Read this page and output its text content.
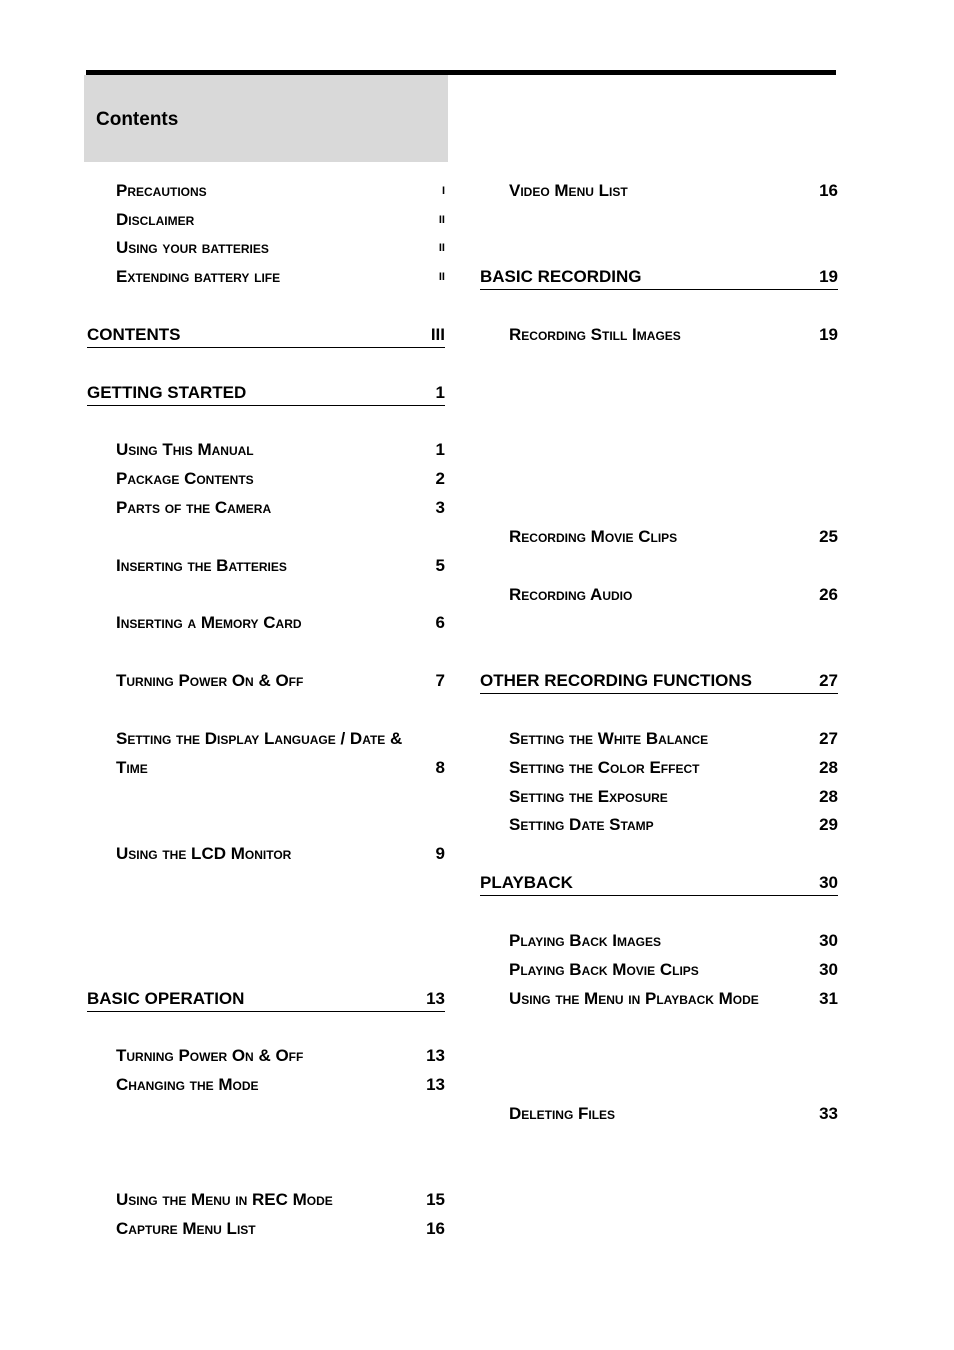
Contents
Precautions	i
Disclaimer	ii
Using your batteries	ii
Extending battery life	ii
CONTENTS	III
GETTING STARTED	1
Using This Manual	1
Package Contents	2
Parts of the Camera	3
Inserting the Batteries	5
Inserting a Memory Card	6
Turning Power On & Off	7
Setting the Display Language / Date &
Time	8
Using the LCD Monitor	9
BASIC OPERATION	13
Turning Power On & Off	13
Changing the Mode	13
Using the Menu in REC Mode	15
Capture Menu List	16
Video Menu List	16
BASIC RECORDING	19
Recording Still Images	19
Recording Movie Clips	25
Recording Audio	26
OTHER RECORDING FUNCTIONS	27
Setting the White Balance	27
Setting the Color Effect	28
Setting the Exposure	28
Setting Date Stamp	29
PLAYBACK	30
Playing Back Images	30
Playing Back Movie Clips	30
Using the Menu in Playback Mode	31
Deleting Files	33
